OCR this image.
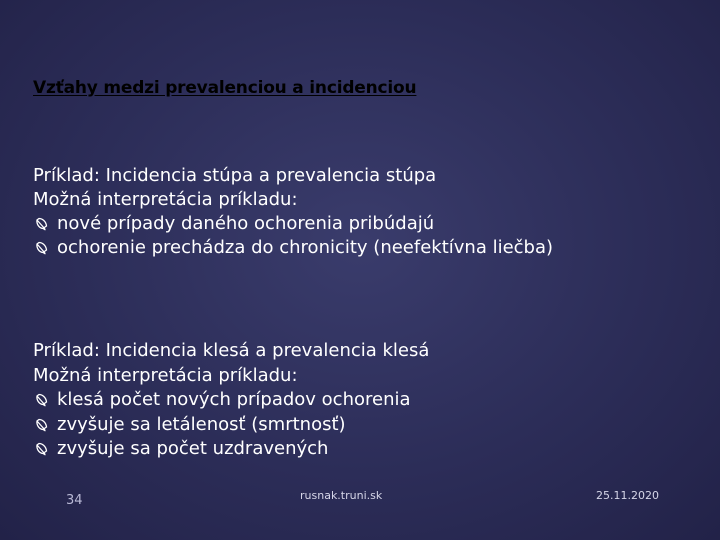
Vzťahy medzi prevalenciou a incidenciou
Príklad: Incidencia stúpa a prevalencia stúpa
Možná interpretácia príkladu:
nové prípady daného ochorenia pribúdajú
ochorenie prechádza do chronicity (neefektívna liečba)
Príklad: Incidencia klesá a prevalencia klesá
Možná interpretácia príkladu:
klesá počet nových prípadov ochorenia
zvyšuje sa letálenosť (smrtnosť)
zvyšuje sa počet uzdravených
34	rusnak.truni.sk	25.11.2020
